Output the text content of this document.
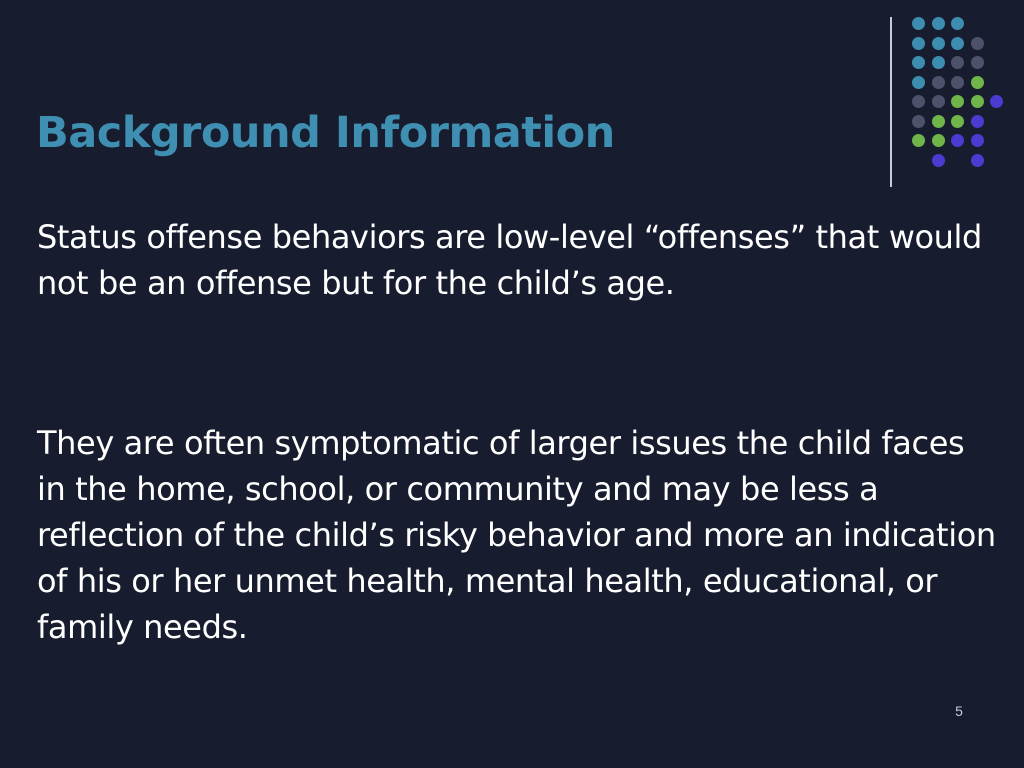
Background Information

Status offense behaviors are low-level “offenses” that would not be an offense but for the child’s age.

They are often symptomatic of larger issues the child faces in the home, school, or community and may be less a reflection of the child’s risky behavior and more an indication of his or her unmet health, mental health, educational, or family needs.

5
